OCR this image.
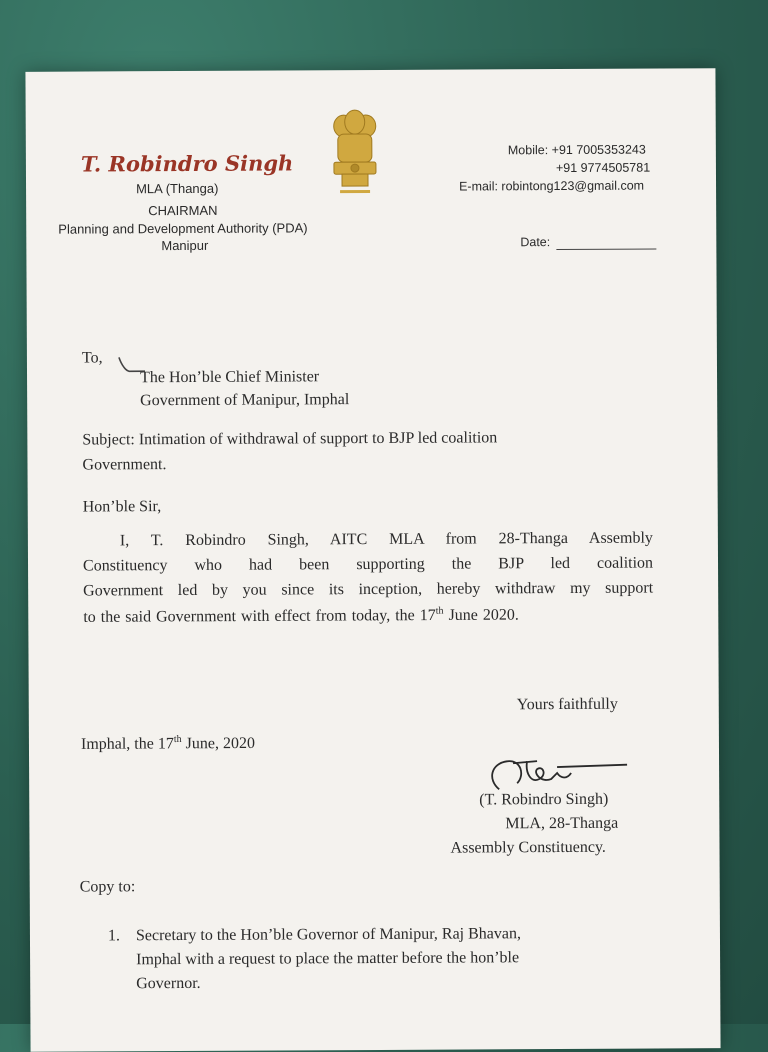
T. Robindro Singh
MLA (Thanga)
CHAIRMAN
Planning and Development Authority (PDA)
Manipur
Mobile: +91 7005353243
+91 9774505781
E-mail: robintong123@gmail.com
Date:
To,
The Hon’ble Chief Minister
Government of Manipur, Imphal
Subject: Intimation of withdrawal of support to BJP led coalition
Government.
Hon’ble Sir,
I, T. Robindro Singh, AITC MLA from 28-Thanga Assembly
Constituency who had been supporting the BJP led coalition
Government led by you since its inception, hereby withdraw my support
to the said Government with effect from today, the 17th June 2020.
Yours faithfully
Imphal, the 17th June, 2020
(T. Robindro Singh)
MLA, 28-Thanga
Assembly Constituency.
Copy to:
1. Secretary to the Hon’ble Governor of Manipur, Raj Bhavan,
Imphal with a request to place the matter before the hon’ble
Governor.
